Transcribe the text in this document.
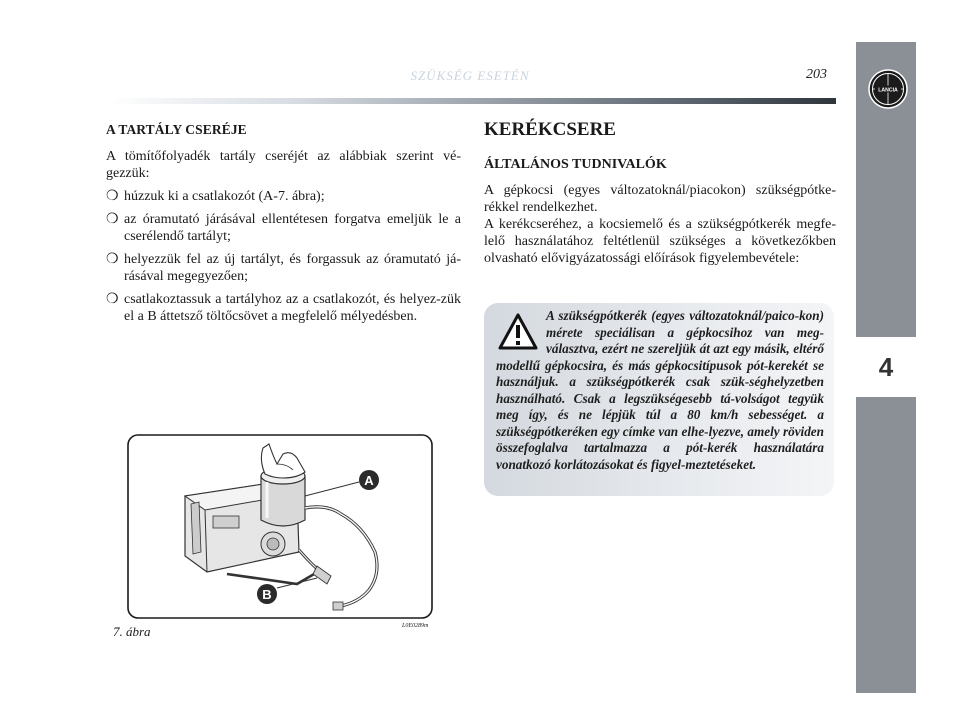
SZÜKSÉG ESETÉN	203
4
LANCIA
A TARTÁLY CSERÉJE
A tömítőfolyadék tartály cseréjét az alábbiak szerint vé-gezzük:
❍ húzzuk ki a csatlakozót (A-7. ábra);
❍ az óramutató járásával ellentétesen forgatva emeljük le a cserélendő tartályt;
❍ helyezzük fel az új tartályt, és forgassuk az óramutató já-rásával megegyezően;
❍ csatlakoztassuk a tartályhoz az a csatlakozót, és helyez-zük el a B áttetsző töltőcsövet a megfelelő mélyedésben.
A
B
7. ábra	L0E0289m
KERÉKCSERE
ÁLTALÁNOS TUDNIVALÓK

A gépkocsi (egyes változatoknál/piacokon) szükségpótke-rékkel rendelkezhet.

A kerékcseréhez, a kocsiemelő és a szükségpótkerék megfe-lelő használatához feltétlenül szükséges a következőkben olvasható elővigyázatossági előírások figyelembevétele:

A szükségpótkerék (egyes változatoknál/paico-kon) mérete speciálisan a gépkocsihoz van meg-választva, ezért ne szereljük át azt egy másik, eltérő modellű gépkocsira, és más gépkocsitípusok pót-kerekét se használjuk. a szükségpótkerék csak szük-séghelyzetben használható. Csak a legszükségesebb tá-volságot tegyük meg így, és ne lépjük túl a 80 km/h sebességet. a szükségpótkeréken egy címke van elhe-lyezve, amely röviden összefoglalva tartalmazza a pót-kerék használatára vonatkozó korlátozásokat és figyel-meztetéseket.
